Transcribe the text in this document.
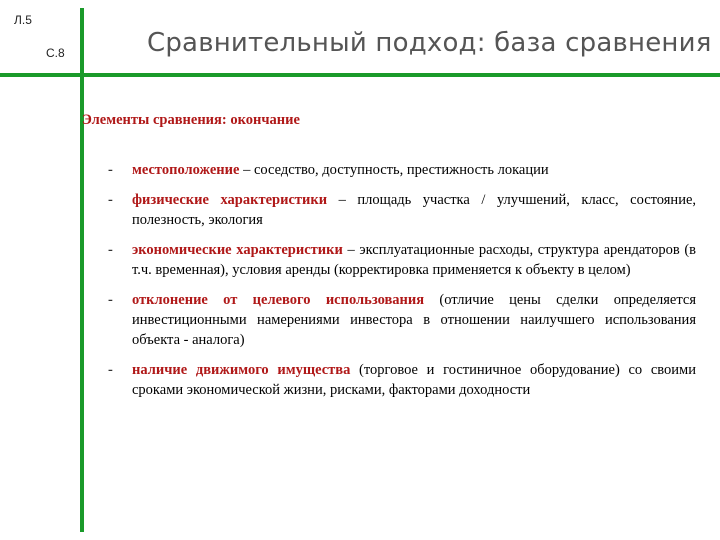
Л.5
С.8	Сравнительный подход: база сравнения
Элементы сравнения: окончание
- местоположение – соседство, доступность, престижность локации
- физические характеристики – площадь участка / улучшений, класс, состояние, полезность, экология
- экономические характеристики – эксплуатационные расходы, структура арендаторов (в т.ч. временная), условия аренды (корректировка применяется к объекту в целом)
- отклонение от целевого использования (отличие цены сделки определяется инвестиционными намерениями инвестора в отношении наилучшего использования объекта - аналога)
- наличие движимого имущества (торговое и гостиничное оборудование) со своими сроками экономической жизни, рисками, факторами доходности
